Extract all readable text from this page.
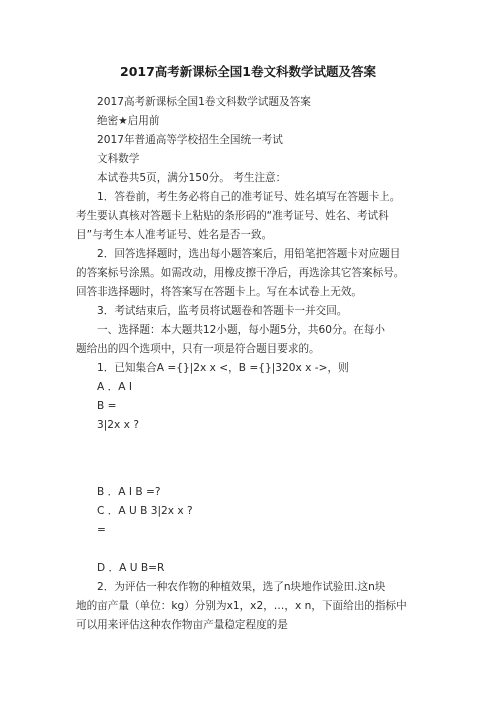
2017高考新课标全国1卷文科数学试题及答案
2017高考新课标全国1卷文科数学试题及答案
绝密★启用前
2017年普通高等学校招生全国统一考试
文科数学
本试卷共5页，满分150分。 考生注意：
1．答卷前，考生务必将自己的准考证号、姓名填写在答题卡上。
考生要认真核对答题卡上粘贴的条形码的“准考证号、姓名、考试科
目”与考生本人准考证号、姓名是否一致。
2．回答选择题时，选出每小题答案后，用铅笔把答题卡对应题目
的答案标号涂黑。如需改动，用橡皮擦干净后，再选涂其它答案标号。
回答非选择题时，将答案写在答题卡上。写在本试卷上无效。
3．考试结束后，监考员将试题卷和答题卡一并交回。
一、选择题：本大题共12小题，每小题5分，共60分。在每小
题给出的四个选项中，只有一项是符合题目要求的。
1．已知集合A ={}|2x x <，B ={}|320x x ->，则
A ．A I
B =
3|2x x ?
B ．A I B =?
C ．A U B 3|2x x ?
=
D ．A U B=R
2．为评估一种农作物的种植效果，选了n块地作试验田.这n块
地的亩产量（单位：kg）分别为x1，x2，…，x n，下面给出的指标中
可以用来评估这种农作物亩产量稳定程度的是
